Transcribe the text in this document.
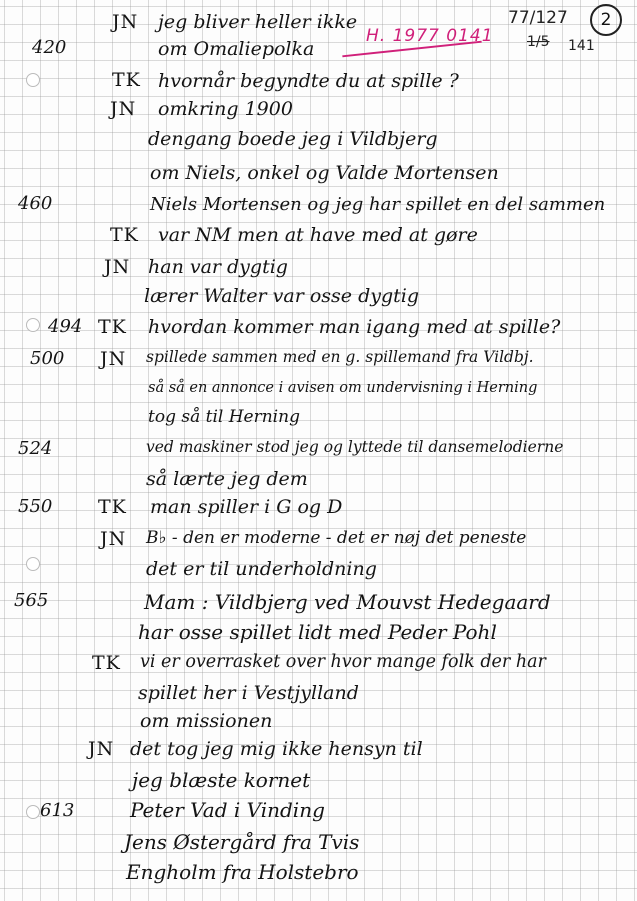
77/127
1/5 141
2
H. 1977 0141
JN jeg bliver heller ikke
420	om Omaliepolka
TK hvornår begyndte du at spille ?
JN omkring 1900
dengang boede jeg i Vildbjerg
om Niels, onkel og Valde Mortensen
460	Niels Mortensen og jeg har spillet en del sammen
TK var NM men at have med at gøre
JN han var dygtig
lærer Walter var osse dygtig
494 TK hvordan kommer man igang med at spille?
500 JN spillede sammen med en g. spillemand fra Vildbj.
så så en annonce i avisen om undervisning i Herning
tog så til Herning
524	ved maskiner stod jeg og lyttede til dansemelodierne
så lærte jeg dem
550 TK man spiller i G og D
JN B♭ - den er moderne - det er nøj det peneste
det er til underholdning
565	Mam : Vildbjerg ved Mouvst Hedegaard
har osse spillet lidt med Peder Pohl
TK vi er overrasket over hvor mange folk der har
spillet her i Vestjylland
om missionen
JN det tog jeg mig ikke hensyn til
jeg blæste kornet
613	Peter Vad i Vinding
Jens Østergård fra Tvis
Engholm fra Holstebro
